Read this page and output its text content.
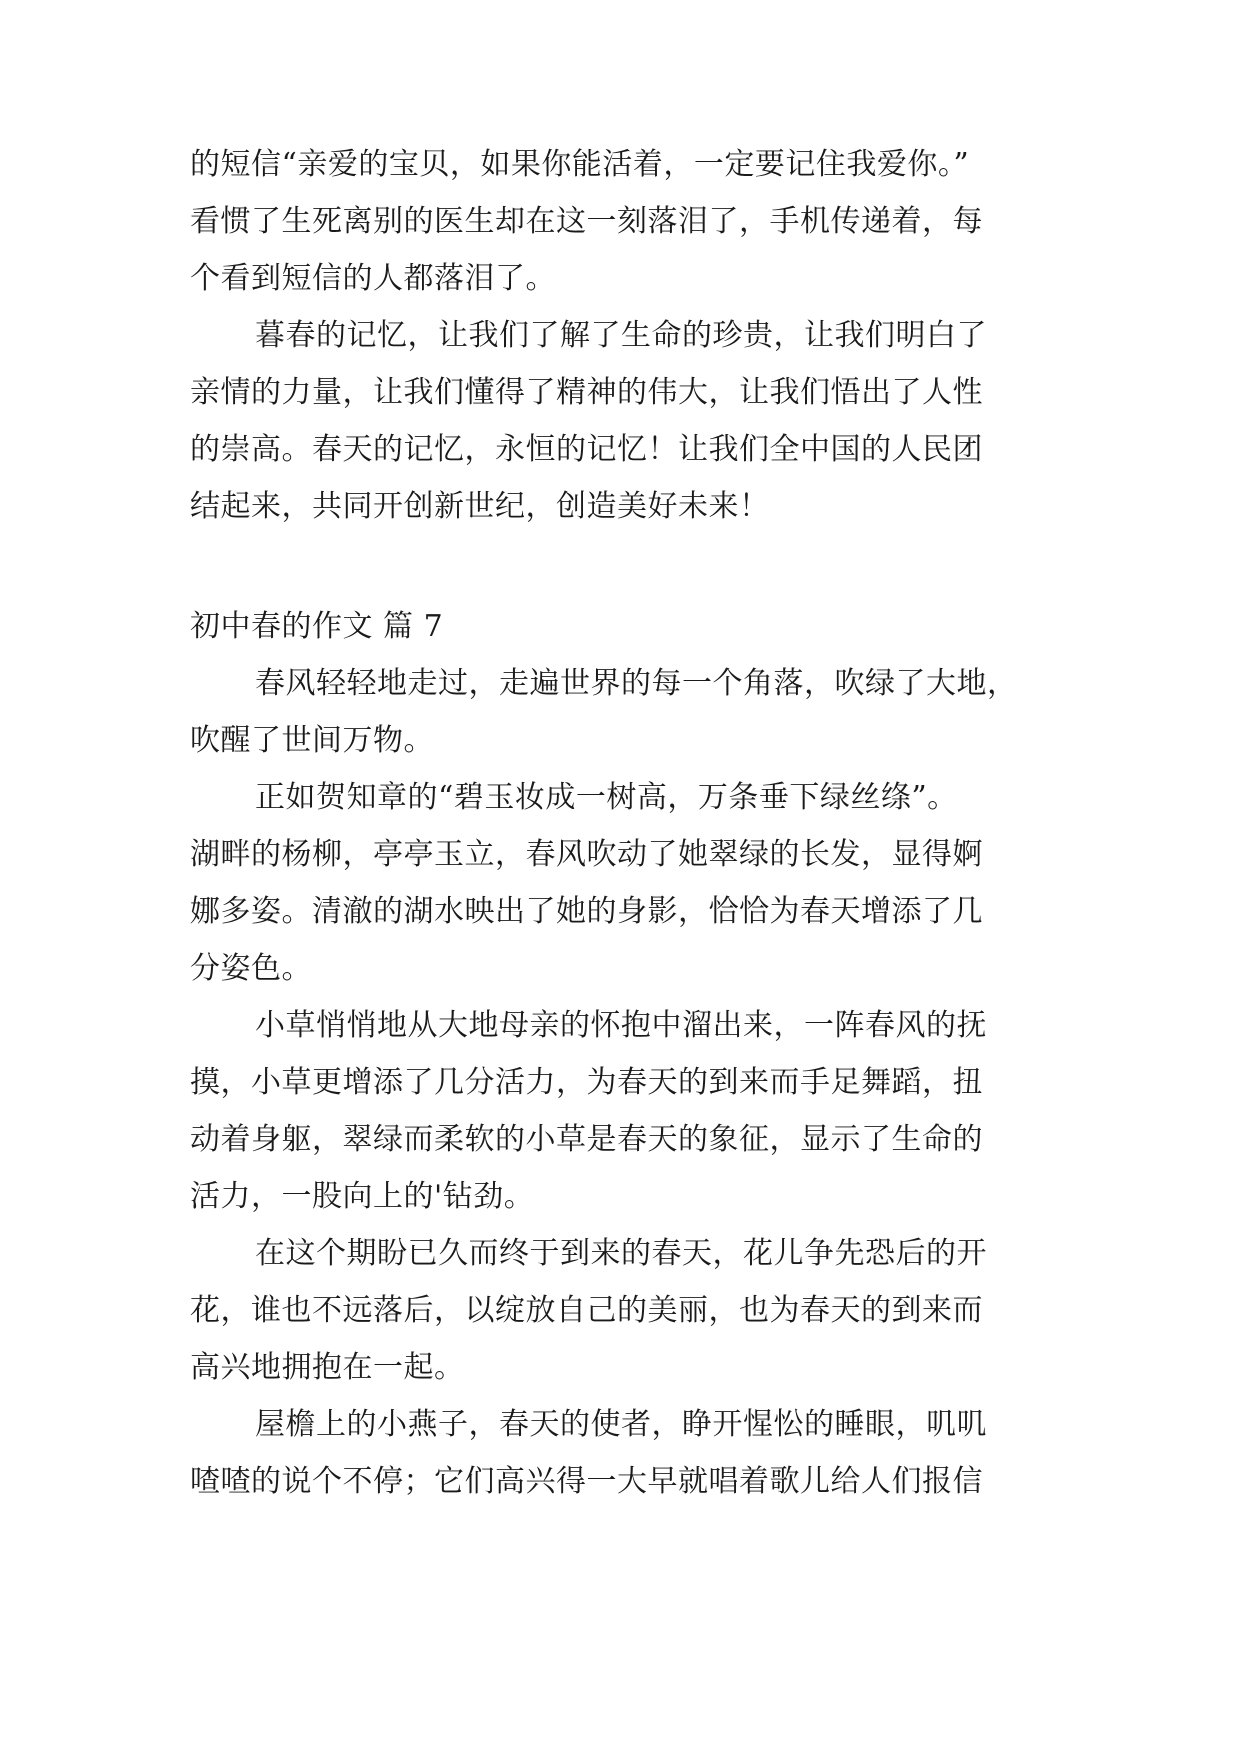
的短信“亲爱的宝贝，如果你能活着，一定要记住我爱你。”
看惯了生死离别的医生却在这一刻落泪了，手机传递着，每
个看到短信的人都落泪了。
暮春的记忆，让我们了解了生命的珍贵，让我们明白了
亲情的力量，让我们懂得了精神的伟大，让我们悟出了人性
的崇高。春天的记忆，永恒的记忆！让我们全中国的人民团
结起来，共同开创新世纪，创造美好未来！
初中春的作文 篇 7
春风轻轻地走过，走遍世界的每一个角落，吹绿了大地，
吹醒了世间万物。
正如贺知章的“碧玉妆成一树高，万条垂下绿丝绦”。
湖畔的杨柳，亭亭玉立，春风吹动了她翠绿的长发，显得婀
娜多姿。清澈的湖水映出了她的身影，恰恰为春天增添了几
分姿色。
小草悄悄地从大地母亲的怀抱中溜出来，一阵春风的抚
摸，小草更增添了几分活力，为春天的到来而手足舞蹈，扭
动着身躯，翠绿而柔软的小草是春天的象征，显示了生命的
活力，一股向上的'钻劲。
在这个期盼已久而终于到来的春天，花儿争先恐后的开
花，谁也不远落后，以绽放自己的美丽，也为春天的到来而
高兴地拥抱在一起。
屋檐上的小燕子，春天的使者，睁开惺忪的睡眼，叽叽
喳喳的说个不停；它们高兴得一大早就唱着歌儿给人们报信
